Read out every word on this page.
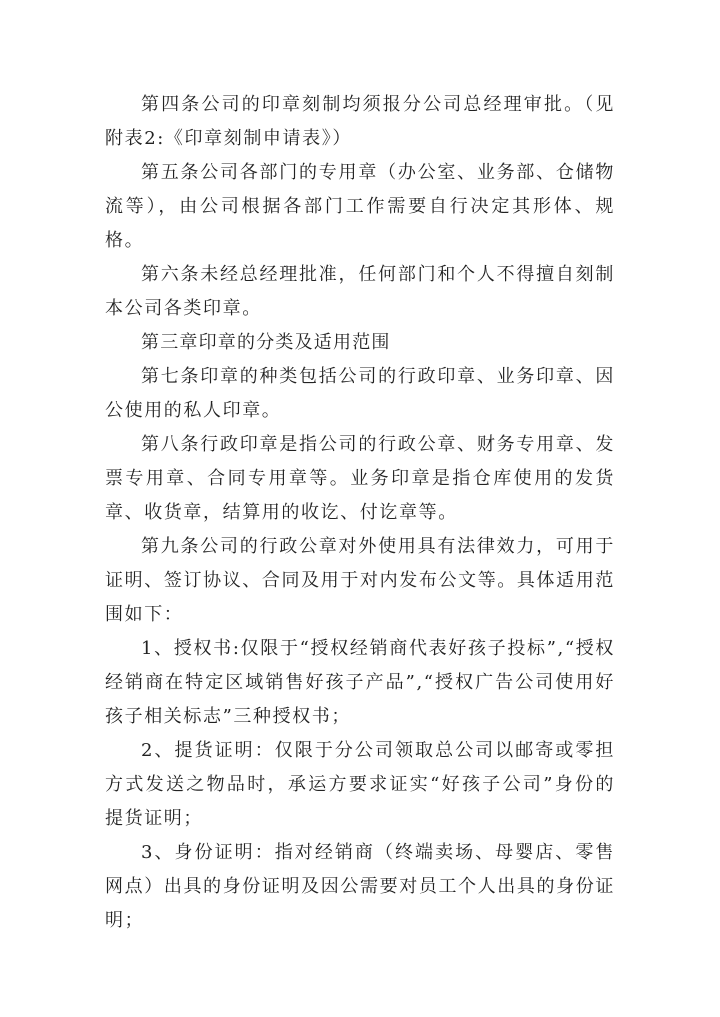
第四条公司的印章刻制均须报分公司总经理审批。（见附表2:《印章刻制申请表》）

第五条公司各部门的专用章（办公室、业务部、仓储物流等），由公司根据各部门工作需要自行决定其形体、规格。

第六条未经总经理批准，任何部门和个人不得擅自刻制本公司各类印章。

第三章印章的分类及适用范围

第七条印章的种类包括公司的行政印章、业务印章、因公使用的私人印章。

第八条行政印章是指公司的行政公章、财务专用章、发票专用章、合同专用章等。业务印章是指仓库使用的发货章、收货章，结算用的收讫、付讫章等。

第九条公司的行政公章对外使用具有法律效力，可用于证明、签订协议、合同及用于对内发布公文等。具体适用范围如下：

1、授权书:仅限于“授权经销商代表好孩子投标”,“授权经销商在特定区域销售好孩子产品”,“授权广告公司使用好孩子相关标志”三种授权书；

2、提货证明：仅限于分公司领取总公司以邮寄或零担方式发送之物品时，承运方要求证实“好孩子公司”身份的提货证明；

3、身份证明：指对经销商（终端卖场、母婴店、零售网点）出具的身份证明及因公需要对员工个人出具的身份证明；
